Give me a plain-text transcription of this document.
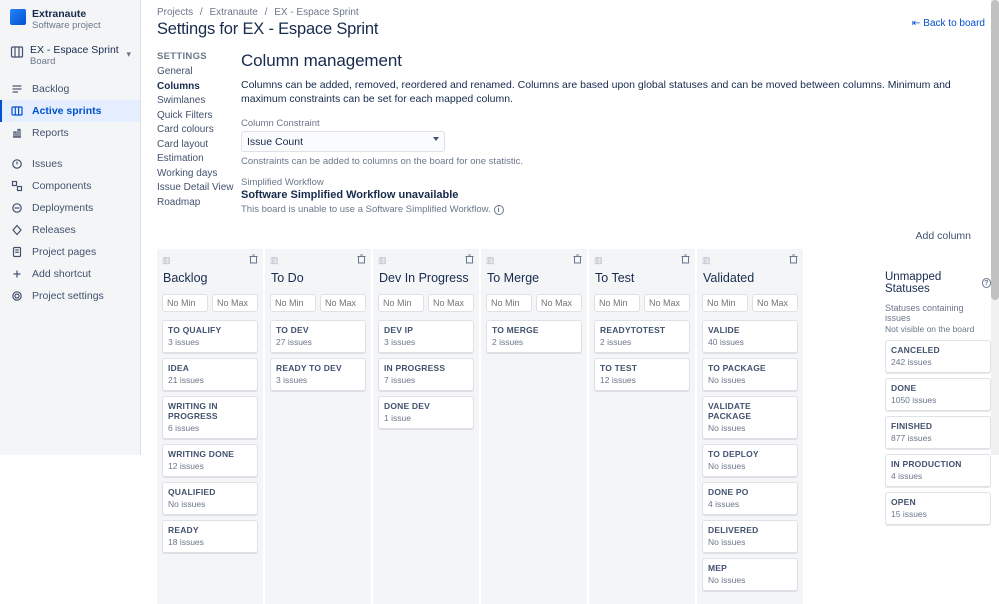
Extranaute
Software project
EX - Espace Sprint
Board
▾
Backlog
Active sprints
Reports
Issues
Components
Deployments
Releases
Project pages
Add shortcut
Project settings
Projects / Extranaute / EX - Espace Sprint
Settings for EX - Espace Sprint	⇤ Back to board
SETTINGS
General
Columns
Swimlanes
Quick Filters
Card colours
Card layout
Estimation
Working days
Issue Detail View
Roadmap
Column management
Columns can be added, removed, reordered and renamed. Columns are based upon global statuses and can be moved between columns. Minimum and maximum constraints can be set for each mapped column.
Column Constraint
Issue Count
Constraints can be added to columns on the board for one statistic.
Simplified Workflow
Software Simplified Workflow unavailable
This board is unable to use a Software Simplified Workflow. i
Add column
▥
Backlog
No Min
No Max
TO QUALIFY
3 issues
IDEA
21 issues
WRITING IN PROGRESS
6 issues
WRITING DONE
12 issues
QUALIFIED
No issues
READY
18 issues
▥
To Do
No Min
No Max
TO DEV
27 issues
READY TO DEV
3 issues
▥
Dev In Progress
No Min
No Max
DEV IP
3 issues
IN PROGRESS
7 issues
DONE DEV
1 issue
▥
To Merge
No Min
No Max
TO MERGE
2 issues
▥
To Test
No Min
No Max
READYTOTEST
2 issues
TO TEST
12 issues
▥
Validated
No Min
No Max
VALIDE
40 issues
TO PACKAGE
No issues
VALIDATE PACKAGE
No issues
TO DEPLOY
No issues
DONE PO
4 issues
DELIVERED
No issues
MEP
No issues
Unmapped Statuses
?
Statuses containing issues
Not visible on the board
CANCELED
242 issues
DONE
1050 issues
FINISHED
877 issues
IN PRODUCTION
4 issues
OPEN
15 issues
